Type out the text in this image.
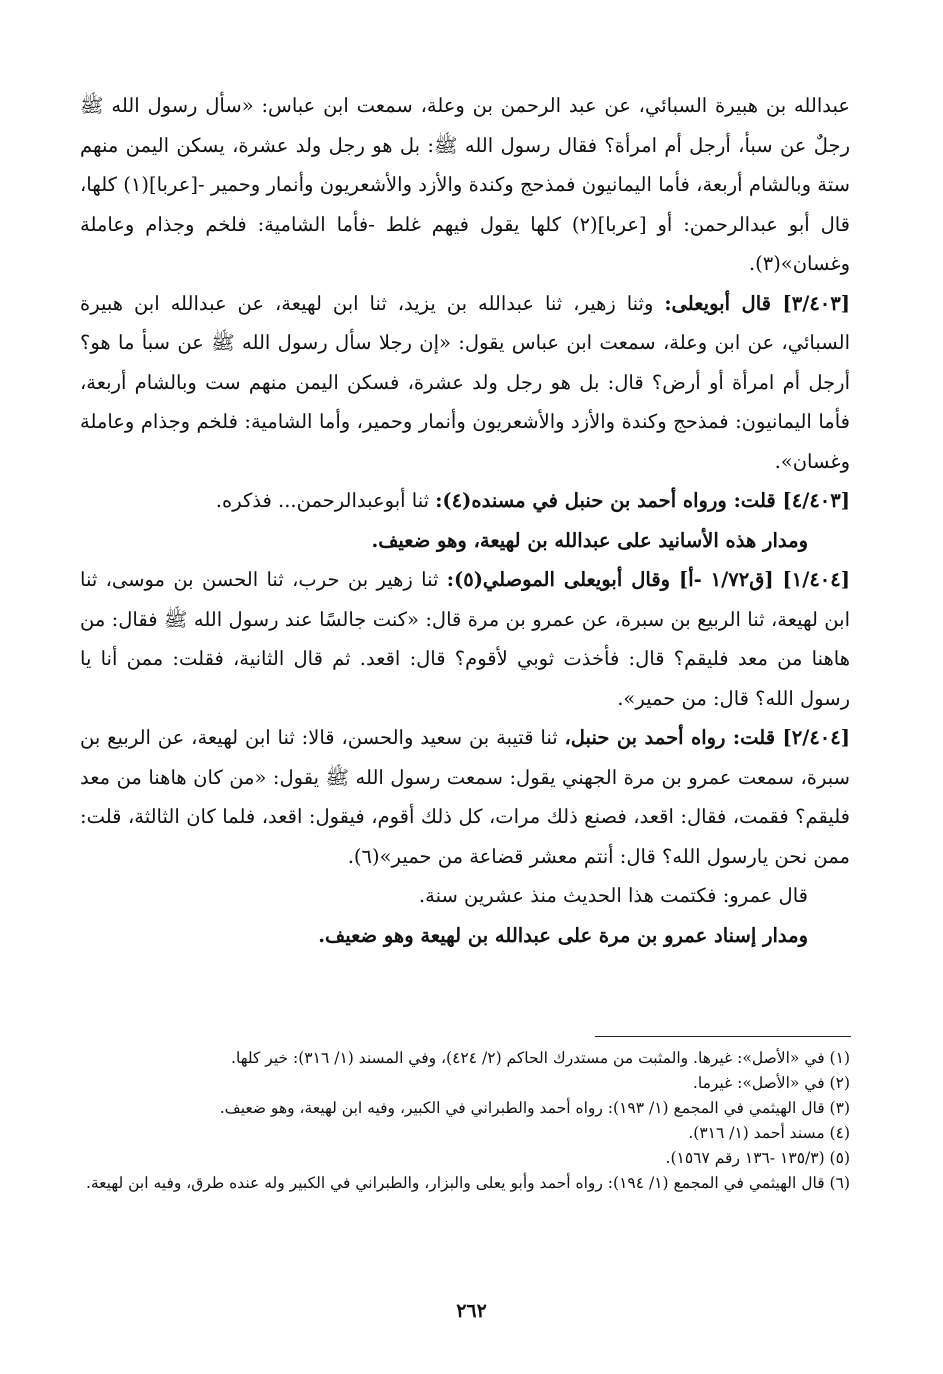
عبدالله بن هبيرة السبائي، عن عبد الرحمن بن وعلة، سمعت ابن عباس: «سأل رسول الله ﷺ رجلٌ عن سبأ، أرجل أم امرأة؟ فقال رسول الله ﷺ: بل هو رجل ولد عشرة، يسكن اليمن منهم ستة وبالشام أربعة، فأما اليمانيون فمذحج وكندة والأزد والأشعريون وأنمار وحمير -[عربا](١) كلها، قال أبو عبدالرحمن: أو [عربا](٢) كلها يقول فيهم غلط -فأما الشامية: فلخم وجذام وعاملة وغسان»(٣).

[٣/٤٠٣] قال أبويعلى: وثنا زهير، ثنا عبدالله بن يزيد، ثنا ابن لهيعة، عن عبدالله ابن هبيرة السبائي، عن ابن وعلة، سمعت ابن عباس يقول: «إن رجلا سأل رسول الله ﷺ عن سبأ ما هو؟ أرجل أم امرأة أو أرض؟ قال: بل هو رجل ولد عشرة، فسكن اليمن منهم ست وبالشام أربعة، فأما اليمانيون: فمذحج وكندة والأزد والأشعريون وأنمار وحمير، وأما الشامية: فلخم وجذام وعاملة وغسان».

[٤/٤٠٣] قلت: ورواه أحمد بن حنبل في مسنده(٤): ثنا أبوعبدالرحمن... فذكره.

ومدار هذه الأسانيد على عبدالله بن لهيعة، وهو ضعيف.

[١/٤٠٤] [ق١/٧٢ -أ] وقال أبويعلى الموصلي(٥): ثنا زهير بن حرب، ثنا الحسن بن موسى، ثنا ابن لهيعة، ثنا الربيع بن سبرة، عن عمرو بن مرة قال: «كنت جالسًا عند رسول الله ﷺ فقال: من هاهنا من معد فليقم؟ قال: فأخذت ثوبي لأقوم؟ قال: اقعد. ثم قال الثانية، فقلت: ممن أنا يا رسول الله؟ قال: من حمير».

[٢/٤٠٤] قلت: رواه أحمد بن حنبل، ثنا قتيبة بن سعيد والحسن، قالا: ثنا ابن لهيعة، عن الربيع بن سبرة، سمعت عمرو بن مرة الجهني يقول: سمعت رسول الله ﷺ يقول: «من كان هاهنا من معد فليقم؟ فقمت، فقال: اقعد، فصنع ذلك مرات، كل ذلك أقوم، فيقول: اقعد، فلما كان الثالثة، قلت: ممن نحن يارسول الله؟ قال: أنتم معشر قضاعة من حمير»(٦).

قال عمرو: فكتمت هذا الحديث منذ عشرين سنة.

ومدار إسناد عمرو بن مرة على عبدالله بن لهيعة وهو ضعيف.

(١) في «الأصل»: غيرها. والمثبت من مستدرك الحاكم (٢/ ٤٢٤)، وفي المسند (١/ ٣١٦): خير كلها.

(٢) في «الأصل»: غيرما.

(٣) قال الهيثمي في المجمع (١/ ١٩٣): رواه أحمد والطبراني في الكبير، وفيه ابن لهيعة، وهو ضعيف.

(٤) مسند أحمد (١/ ٣١٦).

(٥) (١٣٥/٣ -١٣٦ رقم ١٥٦٧).

(٦) قال الهيثمي في المجمع (١/ ١٩٤): رواه أحمد وأبو يعلى والبزار، والطبراني في الكبير وله عنده طرق، وفيه ابن لهيعة.

٢٦٢
